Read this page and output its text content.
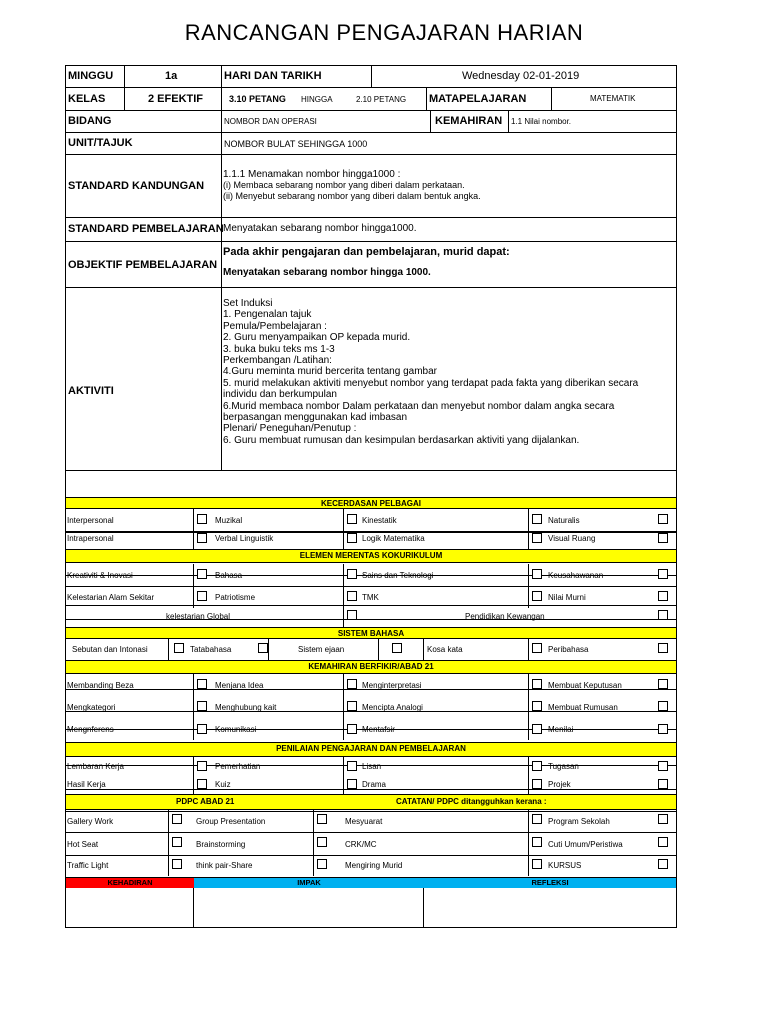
RANCANGAN PENGAJARAN HARIAN
MINGGU	1a	HARI DAN TARIKH	Wednesday 02-01-2019
KELAS	2 EFEKTIF	3.10 PETANG HINGGA	2.10 PETANG MATAPELAJARAN	MATEMATIK
BIDANG	NOMBOR DAN OPERASI	KEMAHIRAN 1.1 Nilai nombor.
UNIT/TAJUK	NOMBOR BULAT SEHINGGA 1000
STANDARD KANDUNGAN
1.1.1 Menamakan nombor hingga1000 :
(i) Membaca sebarang nombor yang diberi dalam perkataan.
(ii) Menyebut sebarang nombor yang diberi dalam bentuk angka.
STANDARD PEMBELAJARAN Menyatakan sebarang nombor hingga1000.
OBJEKTIF PEMBELAJARAN
Pada akhir pengajaran dan pembelajaran, murid dapat:
Menyatakan sebarang nombor hingga 1000.
AKTIVITI
Set Induksi
1. Pengenalan tajuk
Pemula/Pembelajaran :
2. Guru menyampaikan OP kepada murid.
3. buka buku teks ms 1-3
Perkembangan /Latihan:
4.Guru meminta murid bercerita tentang gambar
5. murid melakukan aktiviti menyebut nombor yang terdapat pada fakta yang diberikan secara
individu dan berkumpulan
6.Murid membaca nombor Dalam perkataan dan menyebut nombor dalam angka secara
berpasangan menggunakan kad imbasan
Plenari/ Peneguhan/Penutup :
6. Guru membuat rumusan dan kesimpulan berdasarkan aktiviti yang dijalankan.
KECERDASAN PELBAGAI
ELEMEN MERENTAS KOKURIKULUM
SISTEM BAHASA
KEMAHIRAN BERFIKIR/ABAD 21
PENILAIAN PENGAJARAN DAN PEMBELAJARAN
PDPC ABAD 21	CATATAN/ PDPC ditangguhkan kerana :
KEHADIRAN	IMPAK	REFLEKSI
Interpersonal	Muzikal	Kinestatik	Naturalis
Intrapersonal	Verbal Linguistik	Logik Matematika	Visual Ruang
Kreativiti & Inovasi	Bahasa	Sains dan Teknologi	Keusahawanan
Kelestarian Alam Sekitar	Patriotisme	TMK	Nilai Murni
kelestarian Global	Pendidikan Kewangan
Sebutan dan Intonasi	Tatabahasa	Sistem ejaan	Kosa kata	Peribahasa
Membanding Beza	Menjana Idea	Menginterpretasi	Membuat Keputusan
Mengkategori	Menghubung kait	Mencipta Analogi	Membuat Rumusan
Mengnferens	Komunikasi	Mentafsir	Menilai
Lembaran Kerja	Pemerhatian	Lisan	Tugasan
Hasil Kerja	Kuiz	Drama	Projek
Gallery Work	Group Presentation	Mesyuarat	Program Sekolah
Hot Seat	Brainstorming	CRK/MC	Cuti Umum/Peristiwa
Traffic Light	think pair-Share	Mengiring Murid	KURSUS
